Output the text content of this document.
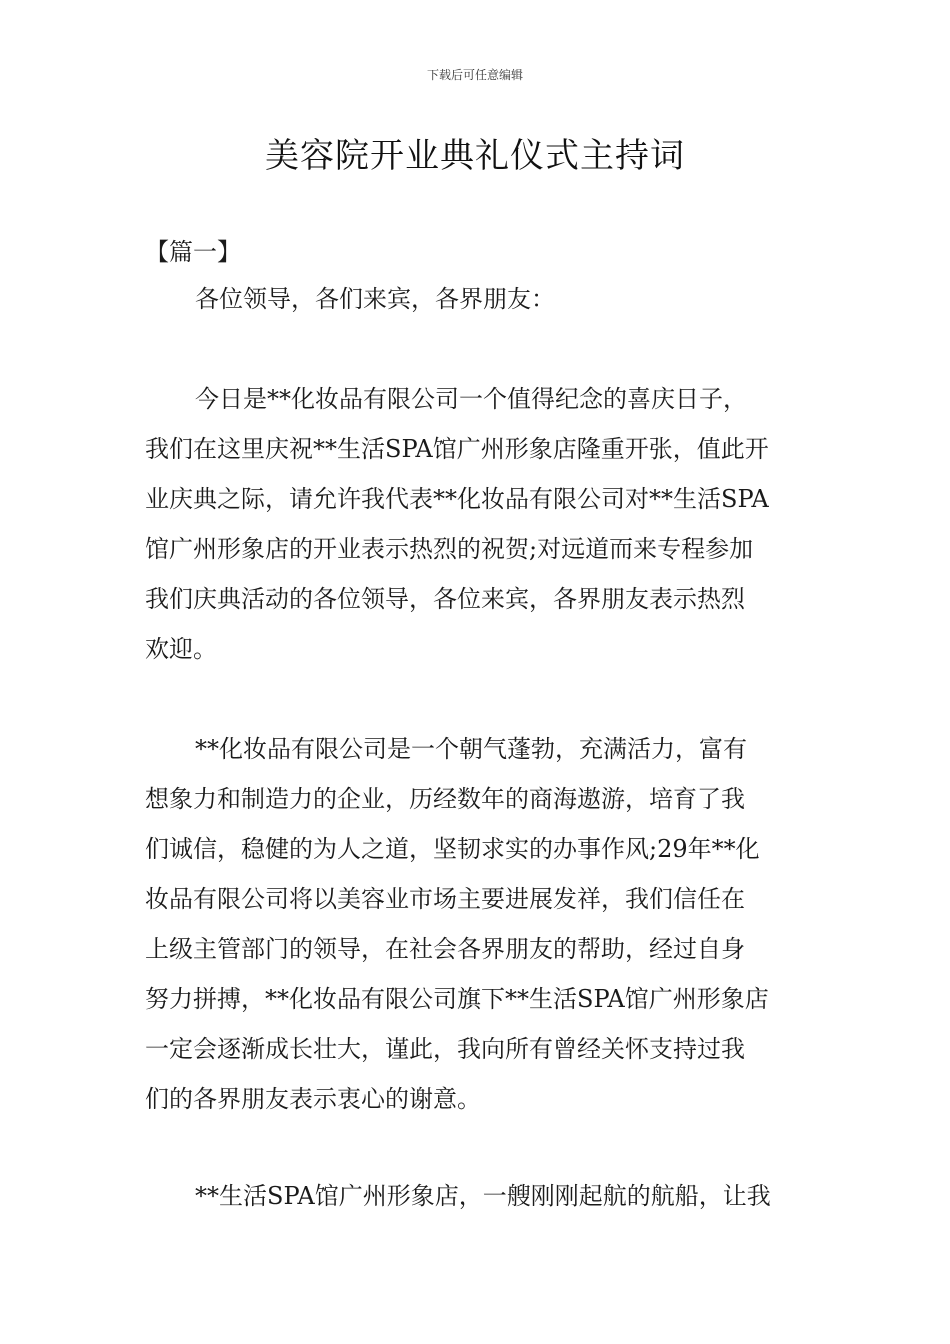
下载后可任意编辑
美容院开业典礼仪式主持词
【篇一】
各位领导，各们来宾，各界朋友：
今日是**化妆品有限公司一个值得纪念的喜庆日子，
我们在这里庆祝**生活SPA馆广州形象店隆重开张，值此开
业庆典之际，请允许我代表**化妆品有限公司对**生活SPA
馆广州形象店的开业表示热烈的祝贺;对远道而来专程参加
我们庆典活动的各位领导，各位来宾，各界朋友表示热烈
欢迎。
**化妆品有限公司是一个朝气蓬勃，充满活力，富有
想象力和制造力的企业，历经数年的商海遨游，培育了我
们诚信，稳健的为人之道，坚韧求实的办事作风;29年**化
妆品有限公司将以美容业市场主要进展发祥，我们信任在
上级主管部门的领导，在社会各界朋友的帮助，经过自身
努力拼搏，**化妆品有限公司旗下**生活SPA馆广州形象店
一定会逐渐成长壮大，谨此，我向所有曾经关怀支持过我
们的各界朋友表示衷心的谢意。
**生活SPA馆广州形象店，一艘刚刚起航的航船，让我
